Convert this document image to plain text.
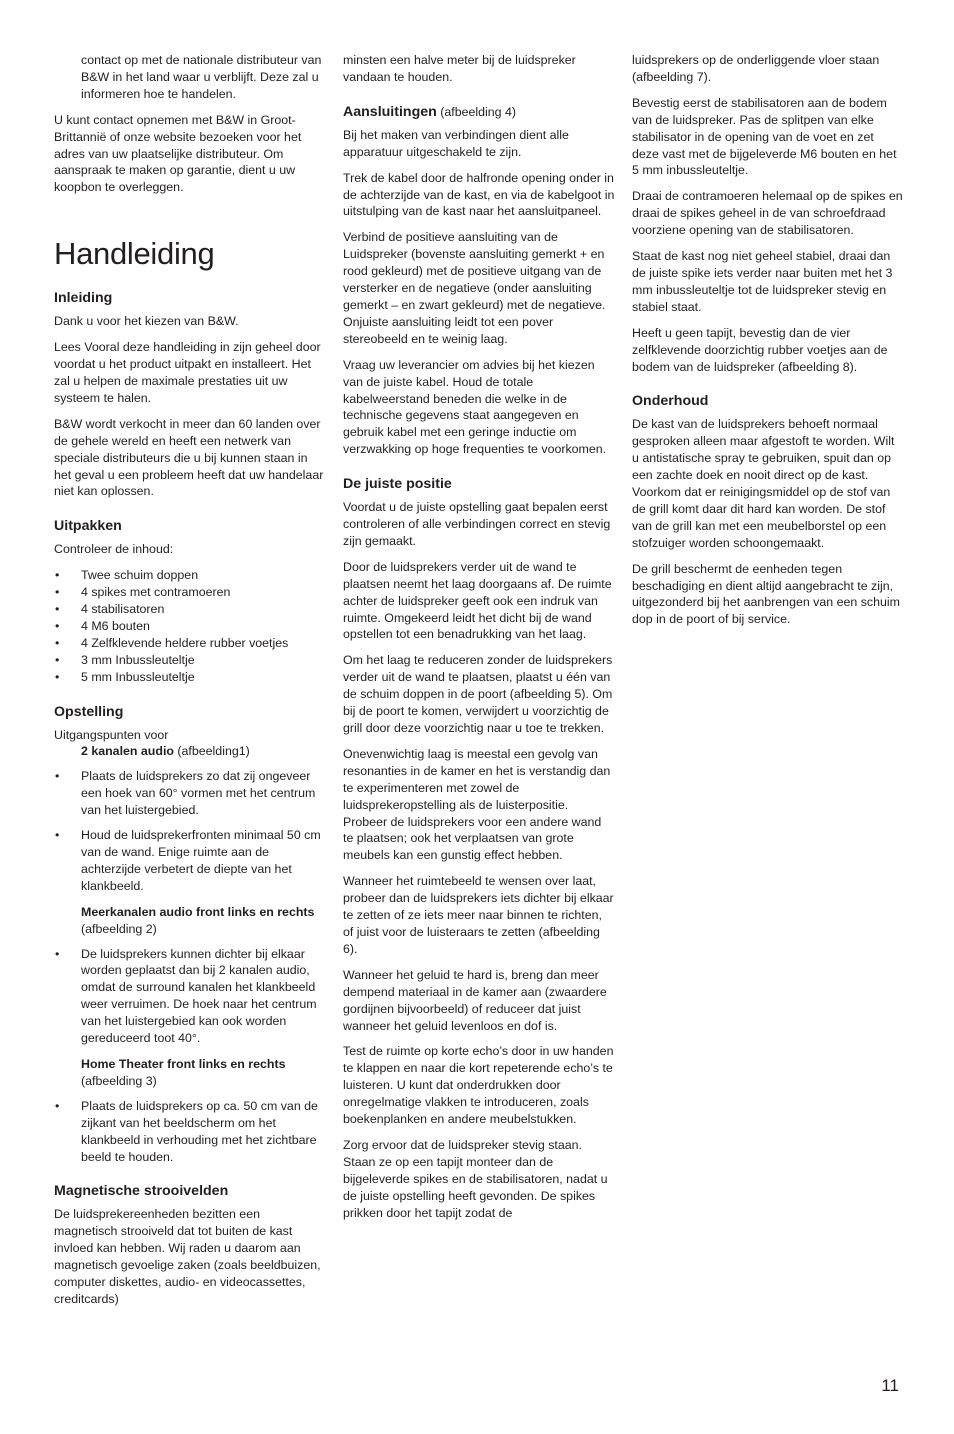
contact op met de nationale distributeur van B&W in het land waar u verblijft. Deze zal u informeren hoe te handelen.

U kunt contact opnemen met B&W in Groot-Brittannië of onze website bezoeken voor het adres van uw plaatselijke distributeur. Om aanspraak te maken op garantie, dient u uw koopbon te overleggen.

Handleiding
Inleiding

Dank u voor het kiezen van B&W.

Lees Vooral deze handleiding in zijn geheel door voordat u het product uitpakt en installeert. Het zal u helpen de maximale prestaties uit uw systeem te halen.

B&W wordt verkocht in meer dan 60 landen over de gehele wereld en heeft een netwerk van speciale distributeurs die u bij kunnen staan in het geval u een probleem heeft dat uw handelaar niet kan oplossen.

Uitpakken

Controleer de inhoud:

• Twee schuim doppen
• 4 spikes met contramoeren
• 4 stabilisatoren
• 4 M6 bouten
• 4 Zelfklevende heldere rubber voetjes
• 3 mm Inbussleuteltje
• 5 mm Inbussleuteltje
Opstelling

Uitgangspunten voor

2 kanalen audio (afbeelding1)

• Plaats de luidsprekers zo dat zij ongeveer een hoek van 60° vormen met het centrum van het luistergebied.
• Houd de luidsprekerfronten minimaal 50 cm van de wand. Enige ruimte aan de achterzijde verbetert de diepte van het klankbeeld.

Meerkanalen audio front links en rechts (afbeelding 2)

• De luidsprekers kunnen dichter bij elkaar worden geplaatst dan bij 2 kanalen audio, omdat de surround kanalen het klankbeeld weer verruimen. De hoek naar het centrum van het luistergebied kan ook worden gereduceerd toot 40°.

Home Theater front links en rechts
(afbeelding 3)

• Plaats de luidsprekers op ca. 50 cm van de zijkant van het beeldscherm om het klankbeeld in verhouding met het zichtbare beeld te houden.
Magnetische strooivelden

De luidsprekereenheden bezitten een magnetisch strooiveld dat tot buiten de kast invloed kan hebben. Wij raden u daarom aan magnetisch gevoelige zaken (zoals beeldbuizen, computer diskettes, audio- en videocassettes, creditcards)

minsten een halve meter bij de luidspreker vandaan te houden.

Aansluitingen (afbeelding 4)

Bij het maken van verbindingen dient alle apparatuur uitgeschakeld te zijn.

Trek de kabel door de halfronde opening onder in de achterzijde van de kast, en via de kabelgoot in uitstulping van de kast naar het aansluitpaneel.

Verbind de positieve aansluiting van de Luidspreker (bovenste aansluiting gemerkt + en rood gekleurd) met de positieve uitgang van de versterker en de negatieve (onder aansluiting gemerkt – en zwart gekleurd) met de negatieve. Onjuiste aansluiting leidt tot een pover stereobeeld en te weinig laag.

Vraag uw leverancier om advies bij het kiezen van de juiste kabel. Houd de totale kabelweerstand beneden die welke in de technische gegevens staat aangegeven en gebruik kabel met een geringe inductie om verzwakking op hoge frequenties te voorkomen.

De juiste positie

Voordat u de juiste opstelling gaat bepalen eerst controleren of alle verbindingen correct en stevig zijn gemaakt.

Door de luidsprekers verder uit de wand te plaatsen neemt het laag doorgaans af. De ruimte achter de luidspreker geeft ook een indruk van ruimte. Omgekeerd leidt het dicht bij de wand opstellen tot een benadrukking van het laag.

Om het laag te reduceren zonder de luidsprekers verder uit de wand te plaatsen, plaatst u één van de schuim doppen in de poort (afbeelding 5). Om bij de poort te komen, verwijdert u voorzichtig de grill door deze voorzichtig naar u toe te trekken.

Onevenwichtig laag is meestal een gevolg van resonanties in de kamer en het is verstandig dan te experimenteren met zowel de luidsprekeropstelling als de luisterpositie. Probeer de luidsprekers voor een andere wand te plaatsen; ook het verplaatsen van grote meubels kan een gunstig effect hebben.

Wanneer het ruimtebeeld te wensen over laat, probeer dan de luidsprekers iets dichter bij elkaar te zetten of ze iets meer naar binnen te richten, of juist voor de luisteraars te zetten (afbeelding 6).

Wanneer het geluid te hard is, breng dan meer dempend materiaal in de kamer aan (zwaardere gordijnen bijvoorbeeld) of reduceer dat juist wanneer het geluid levenloos en dof is.

Test de ruimte op korte echo’s door in uw handen te klappen en naar die kort repeterende echo’s te luisteren. U kunt dat onderdrukken door onregelmatige vlakken te introduceren, zoals boekenplanken en andere meubelstukken.

Zorg ervoor dat de luidspreker stevig staan. Staan ze op een tapijt monteer dan de bijgeleverde spikes en de stabilisatoren, nadat u de juiste opstelling heeft gevonden. De spikes prikken door het tapijt zodat de

luidsprekers op de onderliggende vloer staan (afbeelding 7).

Bevestig eerst de stabilisatoren aan de bodem van de luidspreker. Pas de splitpen van elke stabilisator in de opening van de voet en zet deze vast met de bijgeleverde M6 bouten en het 5 mm inbussleuteltje.

Draai de contramoeren helemaal op de spikes en draai de spikes geheel in de van schroefdraad voorziene opening van de stabilisatoren.

Staat de kast nog niet geheel stabiel, draai dan de juiste spike iets verder naar buiten met het 3 mm inbussleuteltje tot de luidspreker stevig en stabiel staat.

Heeft u geen tapijt, bevestig dan de vier zelfklevende doorzichtig rubber voetjes aan de bodem van de luidspreker (afbeelding 8).

Onderhoud

De kast van de luidsprekers behoeft normaal gesproken alleen maar afgestoft te worden. Wilt u antistatische spray te gebruiken, spuit dan op een zachte doek en nooit direct op de kast. Voorkom dat er reinigingsmiddel op de stof van de grill komt daar dit hard kan worden. De stof van de grill kan met een meubelborstel op een stofzuiger worden schoongemaakt.

De grill beschermt de eenheden tegen beschadiging en dient altijd aangebracht te zijn, uitgezonderd bij het aanbrengen van een schuim dop in de poort of bij service.

11
